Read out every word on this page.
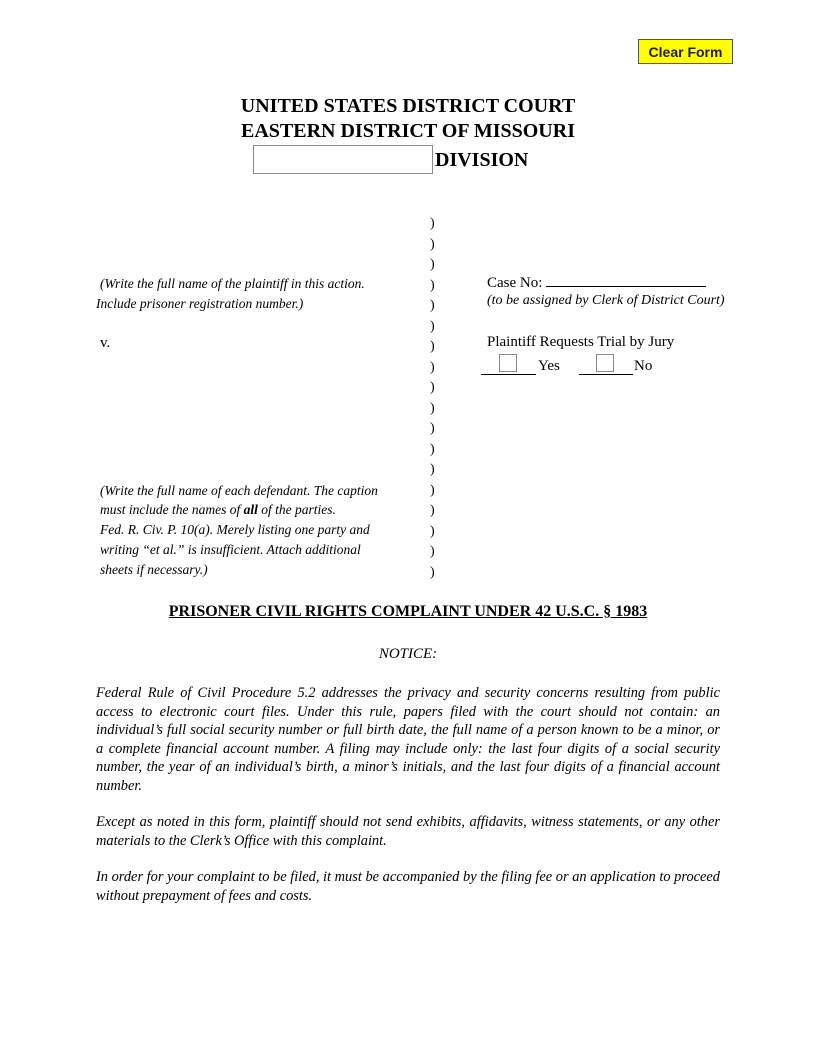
Clear Form
UNITED STATES DISTRICT COURT
EASTERN DISTRICT OF MISSOURI
DIVISION
)
)
)
)
)
)
)
)
)
)
)
)
)
)
)
)
)
)
(Write the full name of the plaintiff in this action.
Include prisoner registration number.)
v.
(Write the full name of each defendant. The caption
must include the names of all of the parties.
Fed. R. Civ. P. 10(a). Merely listing one party and
writing “et al.” is insufficient. Attach additional
sheets if necessary.)
Case No:
(to be assigned by Clerk of District Court)
Plaintiff Requests Trial by Jury
Yes	No
PRISONER CIVIL RIGHTS COMPLAINT UNDER 42 U.S.C. § 1983
NOTICE:
Federal Rule of Civil Procedure 5.2 addresses the privacy and security concerns resulting from public access to electronic court files. Under this rule, papers filed with the court should not contain: an individual’s full social security number or full birth date, the full name of a person known to be a minor, or a complete financial account number. A filing may include only: the last four digits of a social security number, the year of an individual’s birth, a minor’s initials, and the last four digits of a financial account number.
Except as noted in this form, plaintiff should not send exhibits, affidavits, witness statements, or any other materials to the Clerk’s Office with this complaint.
In order for your complaint to be filed, it must be accompanied by the filing fee or an application to proceed without prepayment of fees and costs.
